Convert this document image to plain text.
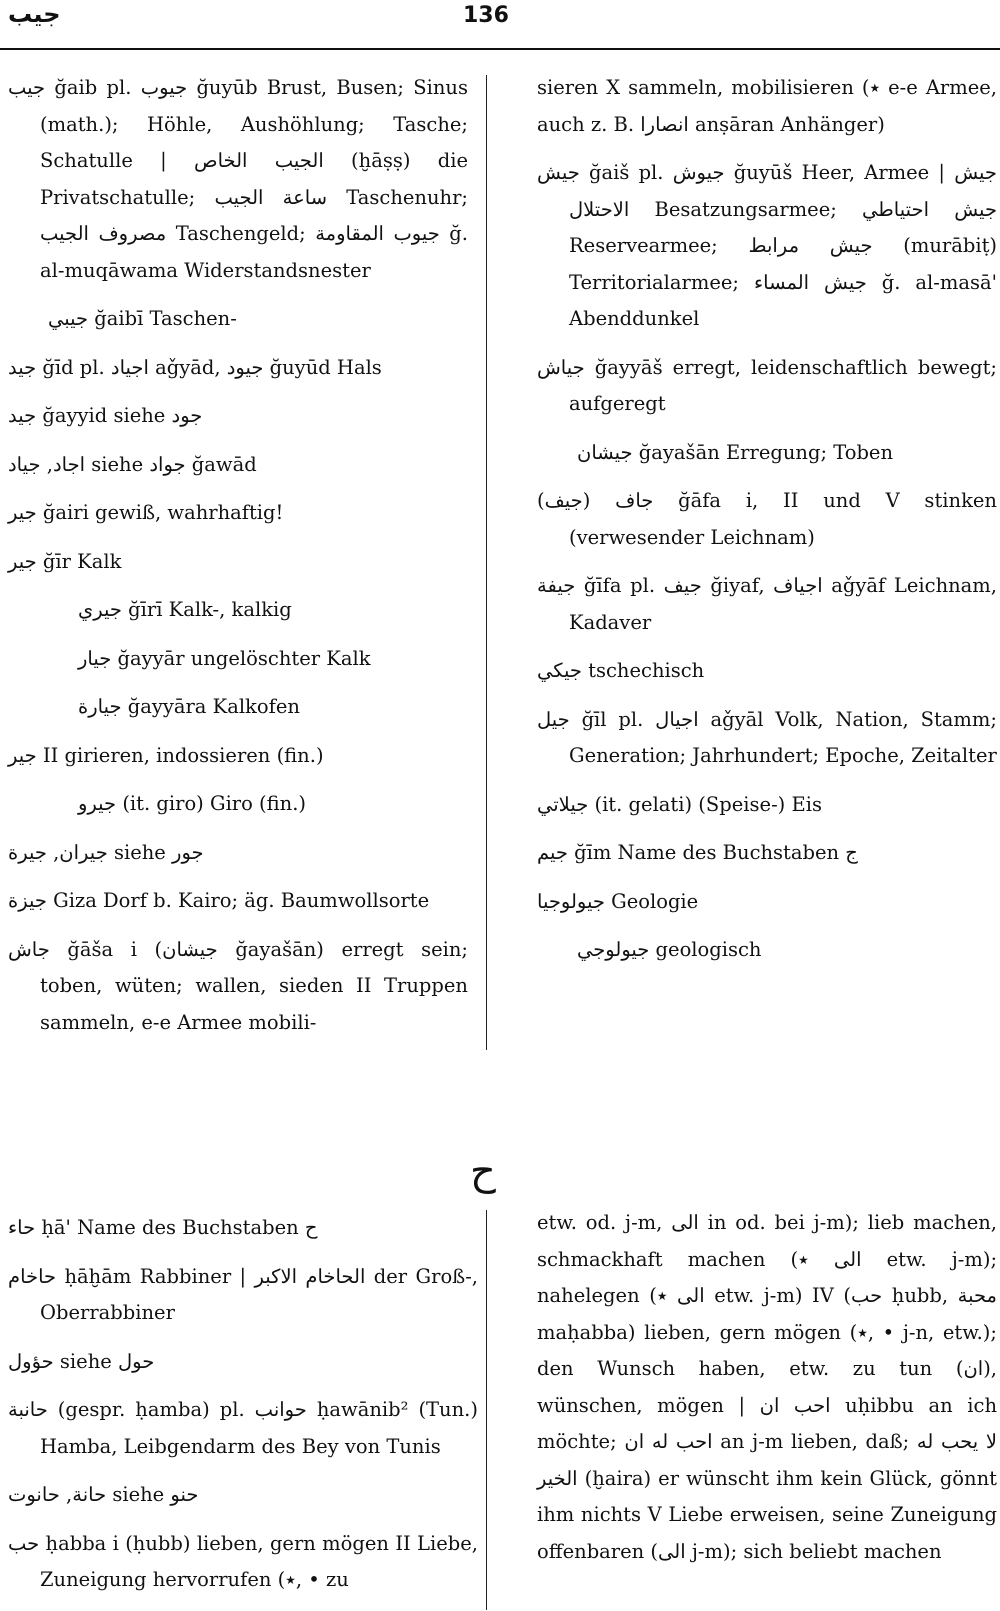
جيب	136
جيب ğaib pl. جيوب ğuyūb Brust, Busen; Sinus (math.); Höhle, Aushöhlung; Tasche; Schatulle | الجيب الخاص (ḫāṣṣ) die Privatschatulle; ساعة الجيب Taschenuhr; مصروف الجيب Taschengeld; جيوب المقاومة ğ. al-muqāwama Widerstandsnester
جيبي ğaibī Taschen-
جيد ğīd pl. اجياد aǧyād, جيود ğuyūd Hals
جيد ğayyid siehe جود
اجاد, جياد siehe جواد ğawād
جير ğairi gewiß, wahrhaftig!
جير ğīr Kalk
جيري ğīrī Kalk-, kalkig
جيار ğayyār ungelöschter Kalk
جيارة ğayyāra Kalkofen
جير II girieren, indossieren (fin.)
جيرو (it. giro) Giro (fin.)
جيران, جيرة siehe جور
جيزة Giza Dorf b. Kairo; äg. Baumwollsorte
جاش ğāša i (جيشان ğayašān) erregt sein; toben, wüten; wallen, sieden II Truppen sammeln, e-e Armee mobili-
sieren X sammeln, mobilisieren (٭ e-e Armee, auch z. B. انصارا anṣāran Anhänger)
جيش ğaiš pl. جيوش ğuyūš Heer, Armee | جيش الاحتلال Besatzungsarmee; جيش احتياطي Reservearmee; جيش مرابط (murābiṭ) Territorialarmee; جيش المساء ğ. al-masā' Abenddunkel
جياش ğayyāš erregt, leidenschaftlich bewegt; aufgeregt
جيشان ğayašān Erregung; Toben
جاف (جيف) ğāfa i, II und V stinken (verwesender Leichnam)
جيفة ğīfa pl. جيف ğiyaf, اجياف aǧyāf Leichnam, Kadaver
جيكي tschechisch
جيل ğīl pl. اجيال aǧyāl Volk, Nation, Stamm; Generation; Jahrhundert; Epoche, Zeitalter
جيلاتي (it. gelati) (Speise-) Eis
جيم ğīm Name des Buchstaben ج
جيولوجيا Geologie
جيولوجي geologisch
ح
حاء ḥā' Name des Buchstaben ح
حاخام ḥāḫām Rabbiner | الحاخام الاكبر der Groß-, Oberrabbiner
حؤول siehe حول
حانبة (gespr. ḥamba) pl. حوانب ḥawānib² (Tun.) Hamba, Leibgendarm des Bey von Tunis
حانة, حانوت siehe حنو
حب ḥabba i (ḥubb) lieben, gern mögen II Liebe, Zuneigung hervorrufen (٭, • zu
etw. od. j-m, الى in od. bei j-m); lieb machen, schmackhaft machen (الى ٭ etw. j-m); nahelegen (الى ٭ etw. j-m) IV (حب ḥubb, محبة maḥabba) lieben, gern mögen (٭, • j-n, etw.); den Wunsch haben, etw. zu tun (ان), wünschen, mögen | احب ان uḥibbu an ich möchte; احب له ان an j-m lieben, daß; لا يحب له الخير (ḫaira) er wünscht ihm kein Glück, gönnt ihm nichts V Liebe erweisen, seine Zuneigung offenbaren (الى j-m); sich beliebt machen
